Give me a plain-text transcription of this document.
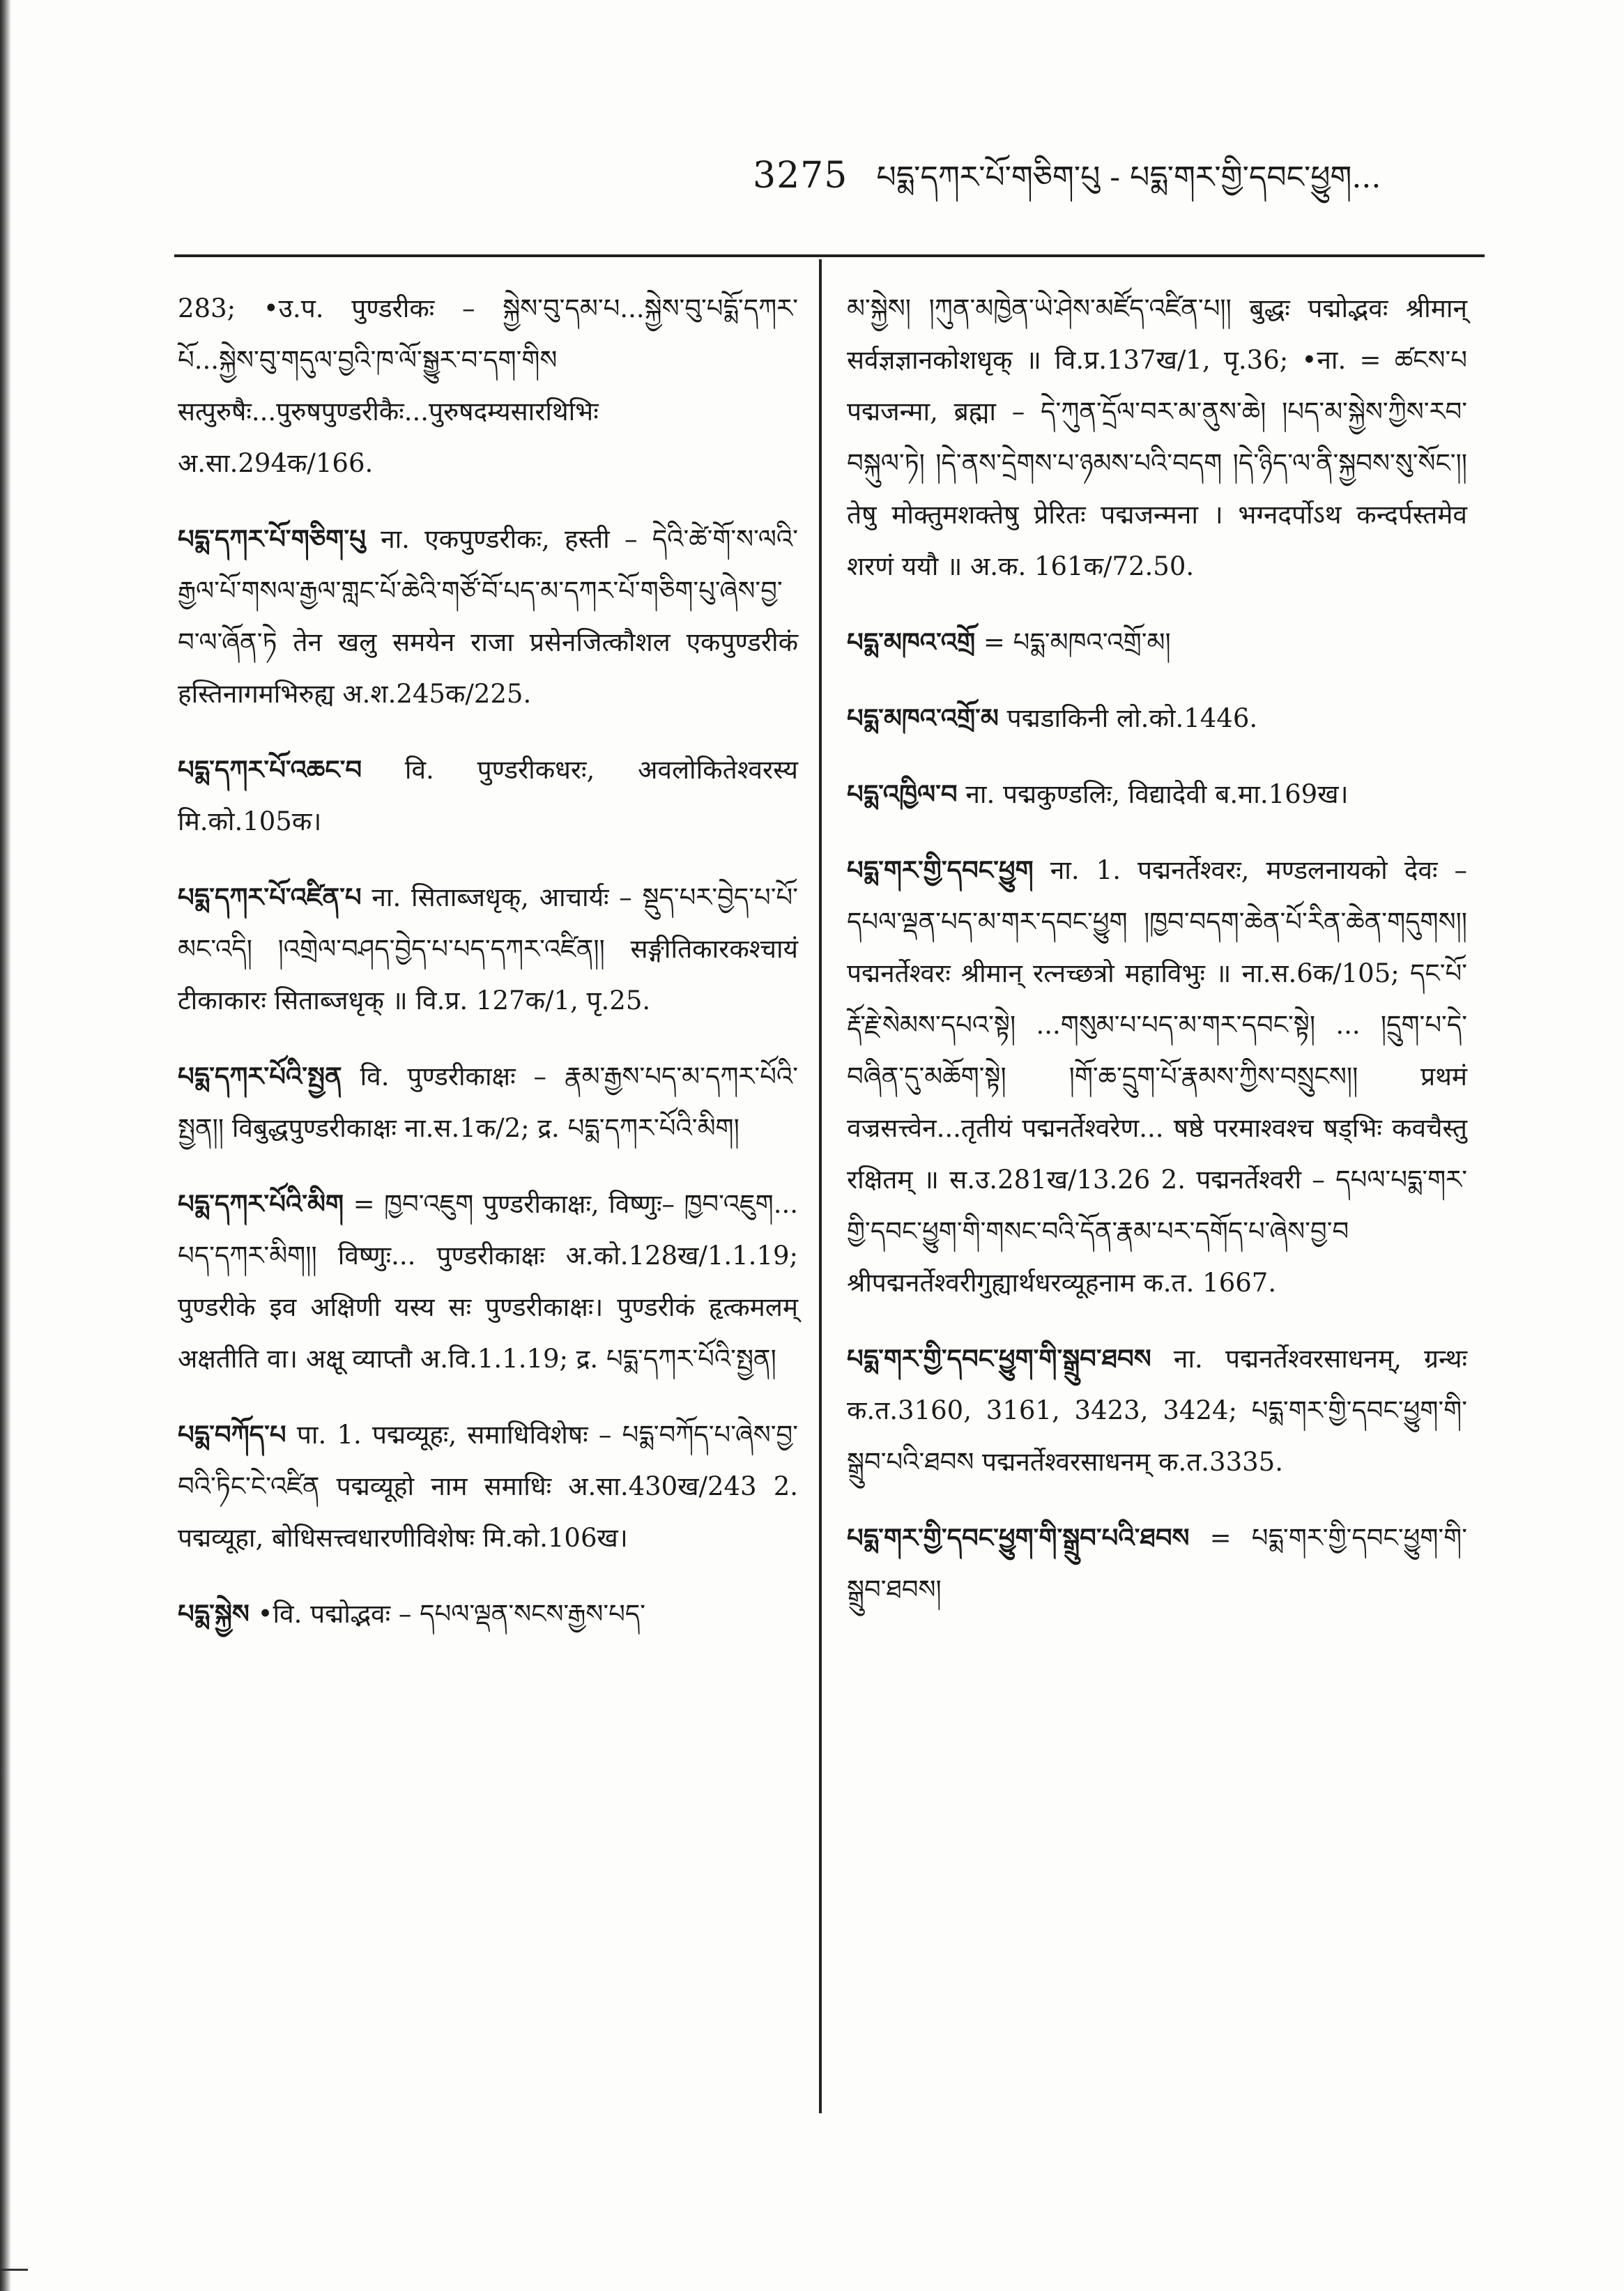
3275 པདྨ་དཀར་པོ་གཅིག་པུ - པདྨ་གར་གྱི་དབང་ཕྱུག...

283; •उ.प. पुण्डरीकः – སྐྱེས་བུ་དམ་པ...སྐྱེས་བུ་པདྨོ་དཀར་པོ...སྐྱེས་བུ་གདུལ་བྱའི་ཁ་ལོ་སྒྱུར་བ་དག་གིས सत्पुरुषैः...पुरुषपुण्डरीकैः...पुरुषदम्यसारथिभिः अ.सा.294क/166.

པདྨ་དཀར་པོ་གཅིག་པུ ना. एकपुण्डरीकः, हस्ती – དེའི་ཚེ་གོ་ས་ལའི་རྒྱལ་པོ་གསལ་རྒྱལ་གླང་པོ་ཆེའི་གཙོ་བོ་པད་མ་དཀར་པོ་གཅིག་པུ་ཞེས་བྱ་བ་ལ་ཞོན་ཏེ तेन खलु समयेन राजा प्रसेनजित्कौशल एकपुण्डरीकं हस्तिनागमभिरुह्य अ.श.245क/225.

པདྨ་དཀར་པོ་འཆང་བ वि. पुण्डरीकधरः, अवलोकितेश्वरस्य मि.को.105क।

པདྨ་དཀར་པོ་འཛིན་པ ना. सिताब्जधृक्, आचार्यः – སྡུད་པར་བྱེད་པ་པོ་མང་འདི། །འགྲེལ་བཤད་བྱེད་པ་པད་དཀར་འཛིན།། सङ्गीतिकारकश्चायं टीकाकारः सिताब्जधृक् ॥ वि.प्र. 127क/1, पृ.25.

པདྨ་དཀར་པོའི་སྤྱན वि. पुण्डरीकाक्षः – རྣམ་རྒྱས་པད་མ་དཀར་པོའི་སྤྱན།། विबुद्धपुण्डरीकाक्षः ना.स.1क/2; द्र. པདྨ་དཀར་པོའི་མིག།

པདྨ་དཀར་པོའི་མིག = ཁྱབ་འཇུག पुण्डरीकाक्षः, विष्णुः– ཁྱབ་འཇུག... པད་དཀར་མིག།། विष्णुः... पुण्डरीकाक्षः अ.को.128ख/1.1.19; पुण्डरीके इव अक्षिणी यस्य सः पुण्डरीकाक्षः। पुण्डरीकं हृत्कमलम् अक्षतीति वा। अक्षू व्याप्तौ अ.वि.1.1.19; द्र. པདྨ་དཀར་པོའི་སྤྱན།

པདྨ་བཀོད་པ पा. 1. पद्मव्यूहः, समाधिविशेषः – པདྨ་བཀོད་པ་ཞེས་བྱ་བའི་ཏིང་ངེ་འཛིན पद्मव्यूहो नाम समाधिः अ.सा.430ख/243 2. पद्मव्यूहा, बोधिसत्त्वधारणीविशेषः मि.को.106ख।

པདྨ་སྐྱེས •वि. पद्मोद्भवः – དཔལ་ལྡན་སངས་རྒྱས་པད་

མ་སྐྱེས། །ཀུན་མཁྱེན་ཡེ་ཤེས་མཛོད་འཛིན་པ།། बुद्धः पद्मोद्भवः श्रीमान् सर्वज्ञज्ञानकोशधृक् ॥ वि.प्र.137ख/1, पृ.36; •ना. = ཚངས་པ पद्मजन्मा, ब्रह्मा – དེ་ཀུན་དྲོལ་བར་མ་ནུས་ཆེ། །པད་མ་སྐྱེས་ཀྱིས་རབ་བསྐུལ་ཏེ། །དེ་ནས་དྲེགས་པ་ཉམས་པའི་བདག །དེ་ཉིད་ལ་ནི་སྐྱབས་སུ་སོང་།། तेषु मोक्तुमशक्तेषु प्रेरितः पद्मजन्मना । भग्नदर्पोऽथ कन्दर्पस्तमेव शरणं ययौ ॥ अ.क. 161क/72.50.

པདྨ་མཁའ་འགྲོ = པདྨ་མཁའ་འགྲོ་མ།

པདྨ་མཁའ་འགྲོ་མ पद्मडाकिनी लो.को.1446.

པདྨ་འཁྱིལ་བ ना. पद्मकुण्डलिः, विद्यादेवी ब.मा.169ख।

པདྨ་གར་གྱི་དབང་ཕྱུག ना. 1. पद्मनर्तेश्वरः, मण्डलनायको देवः – དཔལ་ལྡན་པད་མ་གར་དབང་ཕྱུག །ཁྱབ་བདག་ཆེན་པོ་རིན་ཆེན་གདུགས།། पद्मनर्तेश्वरः श्रीमान् रत्नच्छत्रो महाविभुः ॥ ना.स.6क/105; དང་པོ་རྡོ་རྗེ་སེམས་དཔའ་སྟེ། ...གསུམ་པ་པད་མ་གར་དབང་སྟེ། ... །དྲུག་པ་དེ་བཞིན་དུ་མཆོག་སྟེ། །གོ་ཆ་དྲུག་པོ་རྣམས་ཀྱིས་བསྲུངས།། प्रथमं वज्रसत्त्वेन...तृतीयं पद्मनर्तेश्वरेण... षष्ठे परमाश्वश्च षड्भिः कवचैस्तु रक्षितम् ॥ स.उ.281ख/13.26 2. पद्मनर्तेश्वरी – དཔལ་པདྨ་གར་གྱི་དབང་ཕྱུག་གི་གསང་བའི་དོན་རྣམ་པར་དགོད་པ་ཞེས་བྱ་བ श्रीपद्मनर्तेश्वरीगुह्यार्थधरव्यूहनाम क.त. 1667.

པདྨ་གར་གྱི་དབང་ཕྱུག་གི་སྒྲུབ་ཐབས ना. पद्मनर्तेश्वरसाधनम्, ग्रन्थः क.त.3160, 3161, 3423, 3424; པདྨ་གར་གྱི་དབང་ཕྱུག་གི་སྒྲུབ་པའི་ཐབས पद्मनर्तेश्वरसाधनम् क.त.3335.

པདྨ་གར་གྱི་དབང་ཕྱུག་གི་སྒྲུབ་པའི་ཐབས = པདྨ་གར་གྱི་དབང་ཕྱུག་གི་སྒྲུབ་ཐབས།
